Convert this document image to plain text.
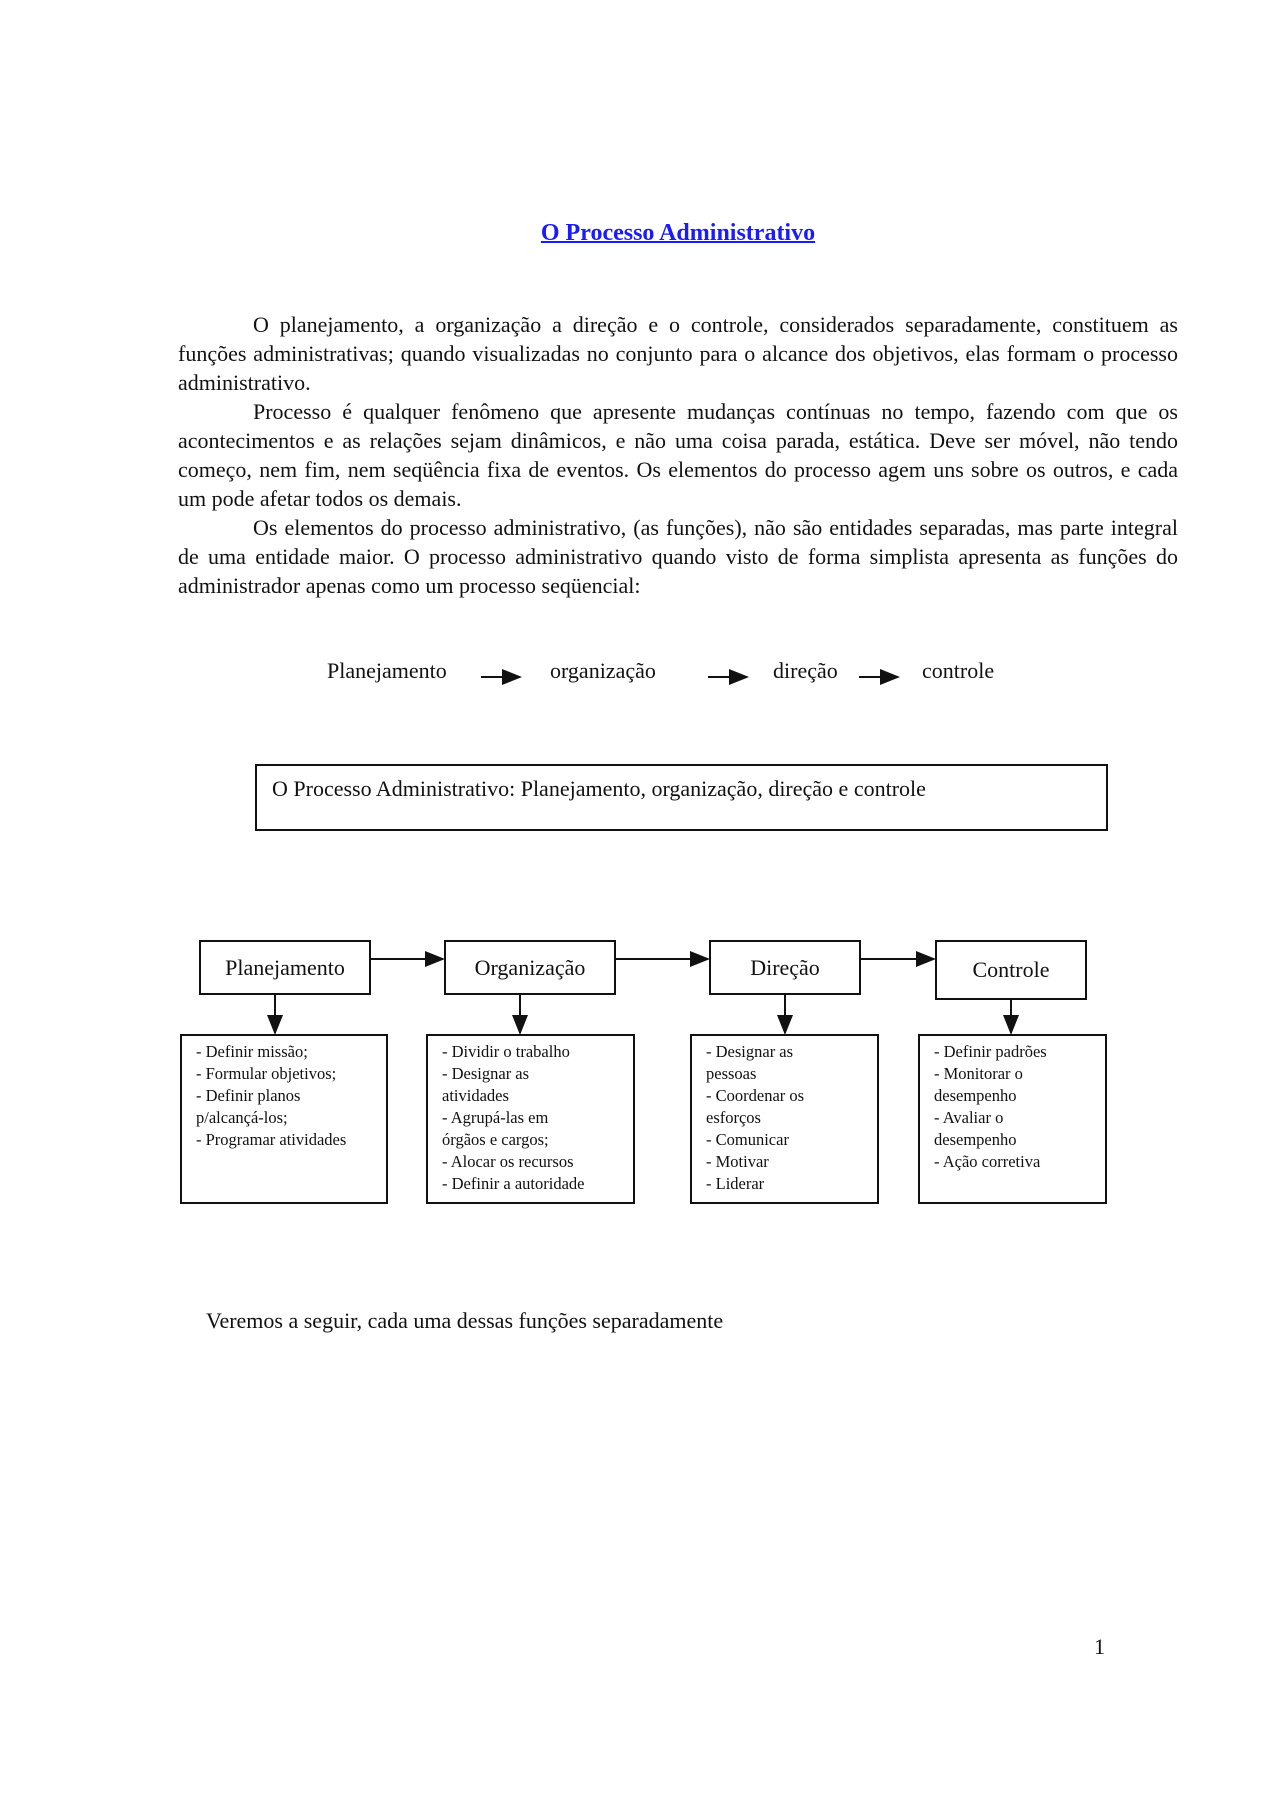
O Processo Administrativo

O planejamento, a organização a direção e o controle, considerados separadamente, constituem as funções administrativas; quando visualizadas no conjunto para o alcance dos objetivos, elas formam o processo administrativo.

Processo é qualquer fenômeno que apresente mudanças contínuas no tempo, fazendo com que os acontecimentos e as relações sejam dinâmicos, e não uma coisa parada, estática. Deve ser móvel, não tendo começo, nem fim, nem seqüência fixa de eventos. Os elementos do processo agem uns sobre os outros, e cada um pode afetar todos os demais.

Os elementos do processo administrativo, (as funções), não são entidades separadas, mas parte integral de uma entidade maior. O processo administrativo quando visto de forma simplista apresenta as funções do administrador apenas como um processo seqüencial:

Planejamento	organização	direção	controle
O Processo Administrativo: Planejamento, organização, direção e controle
Planejamento	Organização	Direção	Controle
- Definir missão;
- Formular objetivos;
- Definir planos
p/alcançá-los;
- Programar atividades
- Dividir o trabalho
- Designar as
atividades
- Agrupá-las em
órgãos e cargos;
- Alocar os recursos
- Definir a autoridade
- Designar as
pessoas
- Coordenar os
esforços
- Comunicar
- Motivar
- Liderar
- Definir padrões
- Monitorar o
desempenho
- Avaliar o
desempenho
- Ação corretiva
Veremos a seguir, cada uma dessas funções separadamente
1
